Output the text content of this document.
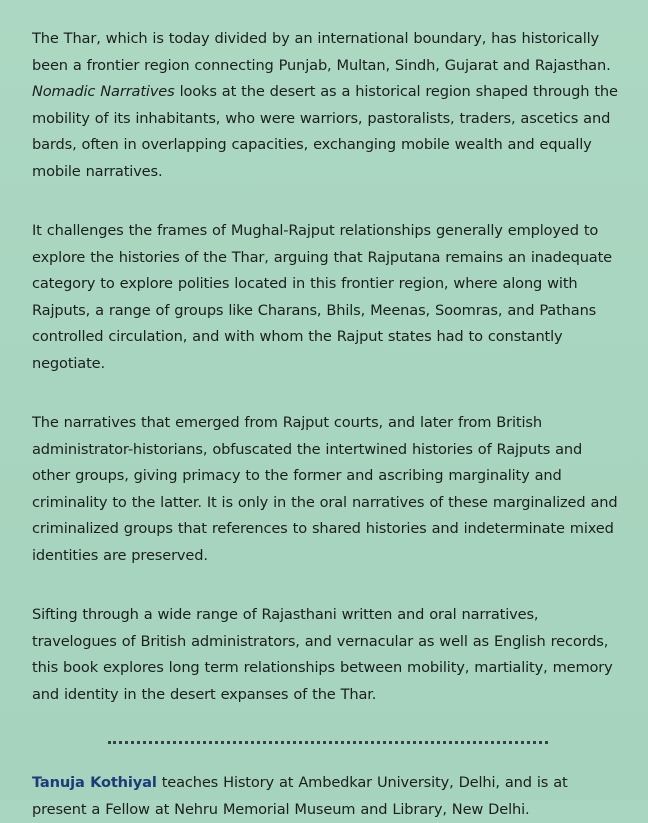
The Thar, which is today divided by an international boundary, has historically been a frontier region connecting Punjab, Multan, Sindh, Gujarat and Rajasthan. Nomadic Narratives looks at the desert as a historical region shaped through the mobility of its inhabitants, who were warriors, pastoralists, traders, ascetics and bards, often in overlapping capacities, exchanging mobile wealth and equally mobile narratives.

It challenges the frames of Mughal-Rajput relationships generally employed to explore the histories of the Thar, arguing that Rajputana remains an inadequate category to explore polities located in this frontier region, where along with Rajputs, a range of groups like Charans, Bhils, Meenas, Soomras, and Pathans controlled circulation, and with whom the Rajput states had to constantly negotiate.

The narratives that emerged from Rajput courts, and later from British administrator-historians, obfuscated the intertwined histories of Rajputs and other groups, giving primacy to the former and ascribing marginality and criminality to the latter. It is only in the oral narratives of these marginalized and criminalized groups that references to shared histories and indeterminate mixed identities are preserved.

Sifting through a wide range of Rajasthani written and oral narratives, travelogues of British administrators, and vernacular as well as English records, this book explores long term relationships between mobility, martiality, memory and identity in the desert expanses of the Thar.

Tanuja Kothiyal teaches History at Ambedkar University, Delhi, and is at present a Fellow at Nehru Memorial Museum and Library, New Delhi.
